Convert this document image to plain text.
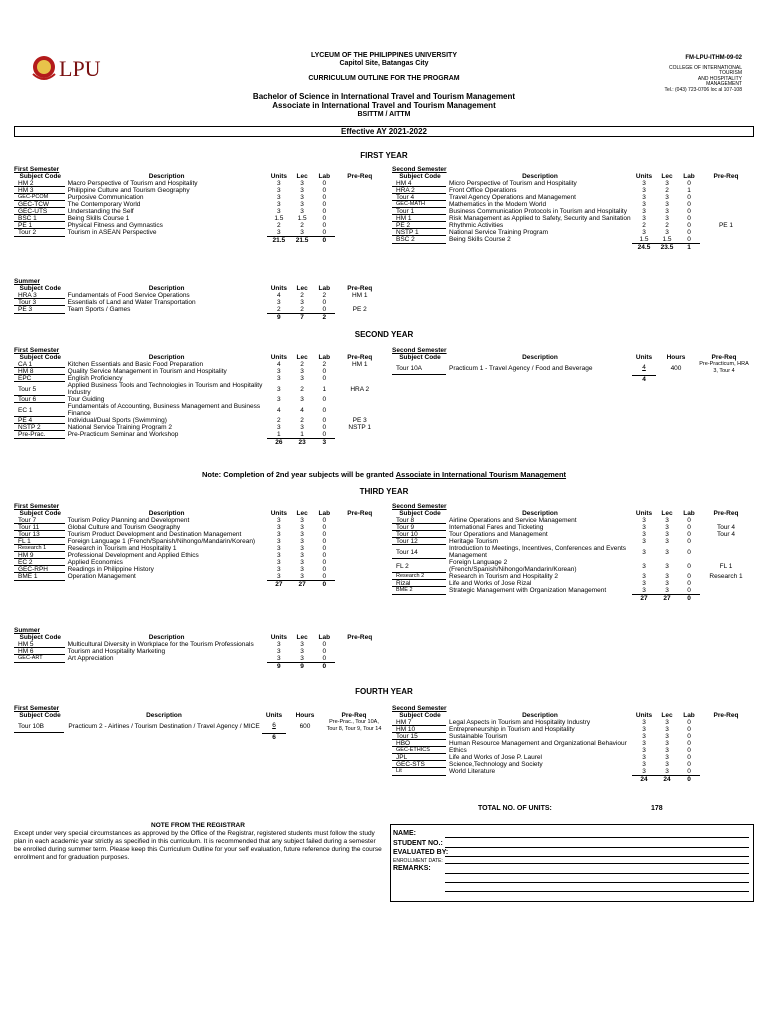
LPU
LYCEUM OF THE PHILIPPINES UNIVERSITY
Capitol Site, Batangas City
CURRICULUM OUTLINE FOR THE PROGRAM
FM-LPU-ITHM-09-02
COLLEGE OF INTERNATIONAL
TOURISM
AND HOSPITALITY
MANAGEMENT
Tel.: (043) 723-0706 loc al 107-108
Bachelor of Science in International Travel and Tourism Management
Associate in International Travel and Tourism Management
BSITTM / AITTM
Effective AY 2021-2022
FIRST YEAR
First Semester
Subject Code	Description	Units	Lec	Lab	Pre-Req
HM 2	Macro Perspective of Tourism and Hospitality	3	3	0	
HM 3	Philippine Culture and Tourism Geography	3	3	0	
GEC-PCOM	Purposive Communication	3	3	0	
GEC-TCW	The Contemporary World	3	3	0	
GEC-UTS	Understanding the Self	3	3	0	
BSC 1	Being Skills Course 1	1.5	1.5	0	
PE 1	Physical Fitness and Gymnastics	2	2	0	
Tour 2	Tourism in ASEAN Perspective	3	3	0	
		21.5	21.5	0	
Second Semester
Subject Code	Description	Units	Lec	Lab	Pre-Req
HM 4	Micro Perspective of Tourism and Hospitality	3	3	0	
HRA 2	Front Office Operations	3	2	1	
Tour 4	Travel Agency Operations and Management	3	3	0	
GEC-MATH	Mathematics in the Modern World	3	3	0	
Tour 1	Business Communication Protocols in Tourism and Hospitality	3	3	0	
HM 1	Risk Management as Applied to Safety, Security and Sanitation	3	3	0	
PE 2	Rhythmic Activities	2	2	0	PE 1
NSTP 1	National Service Training Program	3	3	0	
BSC 2	Being Skills Course 2	1.5	1.5	0	
		24.5	23.5	1	
Summer
Subject Code	Description	Units	Lec	Lab	Pre-Req
HRA 3	Fundamentals of Food Service Operations	4	2	2	HM 1
Tour 3	Essentials of Land and Water Transportation	3	3	0	
PE 3	Team Sports / Games	2	2	0	PE 2
		9	7	2	
SECOND YEAR
First Semester
Subject Code	Description	Units	Lec	Lab	Pre-Req
CA 1	Kitchen Essentials and Basic Food Preparation	4	2	2	HM 1
HM 8	Quality Service Management in Tourism and Hospitality	3	3	0	
EPC	English Proficiency	3	3	0	
Tour 5	Applied Business Tools and Technologies in Tourism and Hospitality Industry	3	2	1	HRA 2
Tour 6	Tour Guiding	3	3	0	
EC 1	Fundamentals of Accounting, Business Management and Business Finance	4	4	0	
PE 4	Individual/Dual Sports (Swimming)	2	2	0	PE 3
NSTP 2	National Service Training Program 2	3	3	0	NSTP 1
Pre-Prac.	Pre-Practicum Seminar and Workshop	1	1	0	
		26	23	3	
Second Semester
Subject Code	Description	Units	Hours	Pre-Req
Tour 10A	Practicum 1 - Travel Agency / Food and Beverage	4	400	Pre-Practicum, HRA 3, Tour 4
		4		
Note: Completion of 2nd year subjects will be granted Associate in International Tourism Management
THIRD YEAR
First Semester
Subject Code	Description	Units	Lec	Lab	Pre-Req
Tour 7	Tourism Policy Planning and Development	3	3	0	
Tour 11	Global Culture and Tourism Geography	3	3	0	
Tour 13	Tourism Product Development and Destination Management	3	3	0	
FL 1	Foreign Language 1 (French/Spanish/Nihongo/Mandarin/Korean)	3	3	0	
Research 1	Research in Tourism and Hospitality 1	3	3	0	
HM 9	Professional Development and Applied Ethics	3	3	0	
EC 2	Applied Economics	3	3	0	
GEC-RPH	Readings in Philippine History	3	3	0	
BME 1	Operation Management	3	3	0	
		27	27	0	
Second Semester
Subject Code	Description	Units	Lec	Lab	Pre-Req
Tour 8	Airline Operations and Service Management	3	3	0	
Tour 9	International Fares and Ticketing	3	3	0	Tour 4
Tour 10	Tour Operations and Management	3	3	0	Tour 4
Tour 12	Heritage Tourism	3	3	0	
Tour 14	Introduction to Meetings, Incentives, Conferences and Events Management	3	3	0	
FL 2	Foreign Language 2 (French/Spanish/Nihongo/Mandarin/Korean)	3	3	0	FL 1
Research 2	Research in Tourism and Hospitality 2	3	3	0	Research 1
Rizal	Life and Works of Jose Rizal	3	3	0	
BME 2	Strategic Management with Organization Management	3	3	0	
		27	27	0	
Summer
Subject Code	Description	Units	Lec	Lab	Pre-Req
HM 5	Multicultural Diversity in Workplace for the Tourism Professionals	3	3	0	
HM 6	Tourism and Hospitality Marketing	3	3	0	
GEC-ART	Art Appreciation	3	3	0	
		9	9	0	
FOURTH YEAR
First Semester
Subject Code	Description	Units	Hours	Pre-Req
Tour 10B	Practicum 2 - Airlines / Tourism Destination / Travel Agency / MICE	6	600	Pre-Prac., Tour 10A, Tour 8, Tour 9, Tour 14
		6		
Second Semester
Subject Code	Description	Units	Lec	Lab	Pre-Req
HM 7	Legal Aspects in Tourism and Hospitality Industry	3	3	0	
HM 10	Entrepreneurship in Tourism and Hospitality	3	3	0	
Tour 15	Sustainable Tourism	3	3	0	
HBO	Human Resource Management and Organizational Behaviour	3	3	0	
GEC-ETHICS	Ethics	3	3	0	
JPL	Life and Works of Jose P. Laurel	3	3	0	
GEC-STS	Science,Technology and Society	3	3	0	
Lit	World Literature	3	3	0	
		24	24	0	
TOTAL NO. OF UNITS:	178
NOTE FROM THE REGISTRAR
Except under very special circumstances as approved by the Office of the Registrar, registered students must follow the study plan in each academic year strictly as specified in this curriculum. It is recommended that any subject failed during a semester be enrolled during summer term. Please keep this Curriculum Outline for your self evaluation, future reference during the course enrollment and for graduation purposes.
NAME:
STUDENT NO.:
EVALUATED BY:
ENROLLMENT DATE:
REMARKS:
